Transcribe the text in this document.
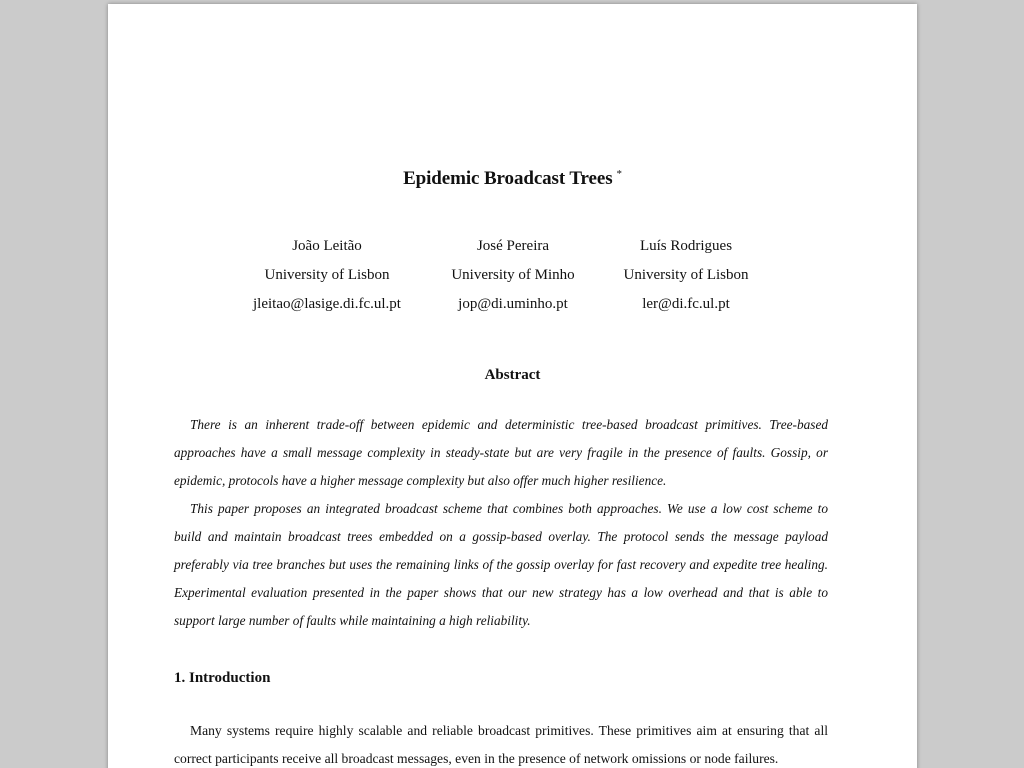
Epidemic Broadcast Trees *
João Leitão
University of Lisbon
jleitao@lasige.di.fc.ul.pt
José Pereira
University of Minho
jop@di.uminho.pt
Luís Rodrigues
University of Lisbon
ler@di.fc.ul.pt
Abstract

There is an inherent trade-off between epidemic and deterministic tree-based broadcast primitives. Tree-based approaches have a small message complexity in steady-state but are very fragile in the presence of faults. Gossip, or epidemic, protocols have a higher message complexity but also offer much higher resilience.

This paper proposes an integrated broadcast scheme that combines both approaches. We use a low cost scheme to build and maintain broadcast trees embedded on a gossip-based overlay. The protocol sends the message payload preferably via tree branches but uses the remaining links of the gossip overlay for fast recovery and expedite tree healing. Experimental evaluation presented in the paper shows that our new strategy has a low overhead and that is able to support large number of faults while maintaining a high reliability.

1. Introduction

Many systems require highly scalable and reliable broadcast primitives. These primitives aim at ensuring that all correct participants receive all broadcast messages, even in the presence of network omissions or node failures.
